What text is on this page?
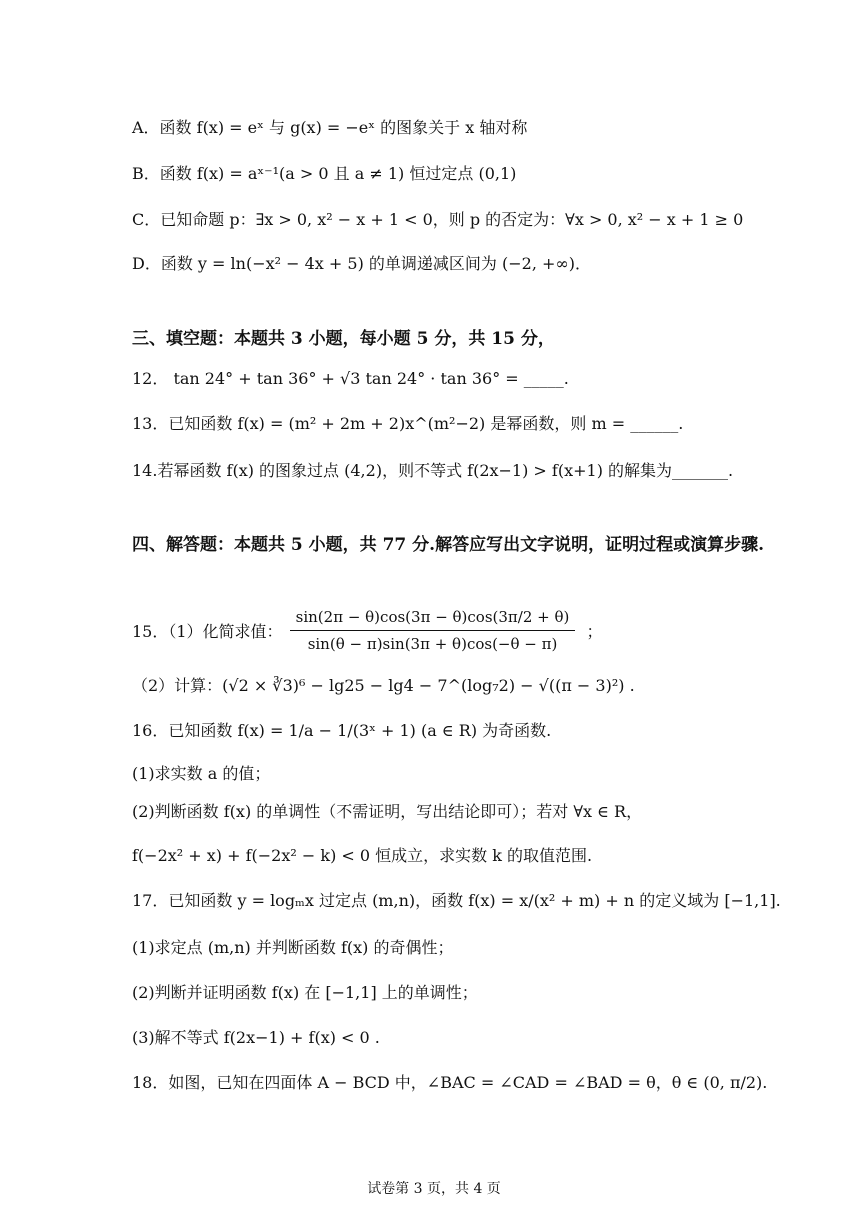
A．函数 f(x) = eˣ 与 g(x) = −eˣ 的图象关于 x 轴对称
B．函数 f(x) = aˣ⁻¹(a > 0 且 a ≠ 1) 恒过定点 (0,1)
C．已知命题 p：∃x > 0, x² − x + 1 < 0，则 p 的否定为：∀x > 0, x² − x + 1 ≥ 0
D．函数 y = ln(−x² − 4x + 5) 的单调递减区间为 (−2, +∞)．
三、填空题：本题共 3 小题，每小题 5 分，共 15 分，
12． tan 24° + tan 36° + √3 tan 24° · tan 36° = _____.
13．已知函数 f(x) = (m² + 2m + 2)x^(m²−2) 是幂函数，则 m = ______.
14.若幂函数 f(x) 的图象过点 (4,2)，则不等式 f(2x−1) > f(x+1) 的解集为_______.
四、解答题：本题共 5 小题，共 77 分.解答应写出文字说明，证明过程或演算步骤.
15．（1）化简求值： $\frac{\sin(2\pi - \theta)\cos(3\pi - \theta)\cos(3\pi/2 + \theta)}{\sin(\theta - \pi)\sin(3\pi + \theta)\cos(-\theta - \pi)}$ ；
（2）计算：(√2 × ∛3)⁶ − lg25 − lg4 − 7^(log₇2) − √((π − 3)²) .
16．已知函数 f(x) = 1/a − 1/(3ˣ + 1) (a ∈ R) 为奇函数.
(1)求实数 a 的值；
(2)判断函数 f(x) 的单调性（不需证明，写出结论即可）；若对 ∀x ∈ R，
f(−2x² + x) + f(−2x² − k) < 0 恒成立，求实数 k 的取值范围.
17．已知函数 y = logₘx 过定点 (m,n)，函数 f(x) = x/(x² + m) + n 的定义域为 [−1,1].
(1)求定点 (m,n) 并判断函数 f(x) 的奇偶性；
(2)判断并证明函数 f(x) 在 [−1,1] 上的单调性；
(3)解不等式 f(2x−1) + f(x) < 0 .
18．如图，已知在四面体 A − BCD 中，∠BAC = ∠CAD = ∠BAD = θ，θ ∈ (0, π/2).
试卷第 3 页，共 4 页
